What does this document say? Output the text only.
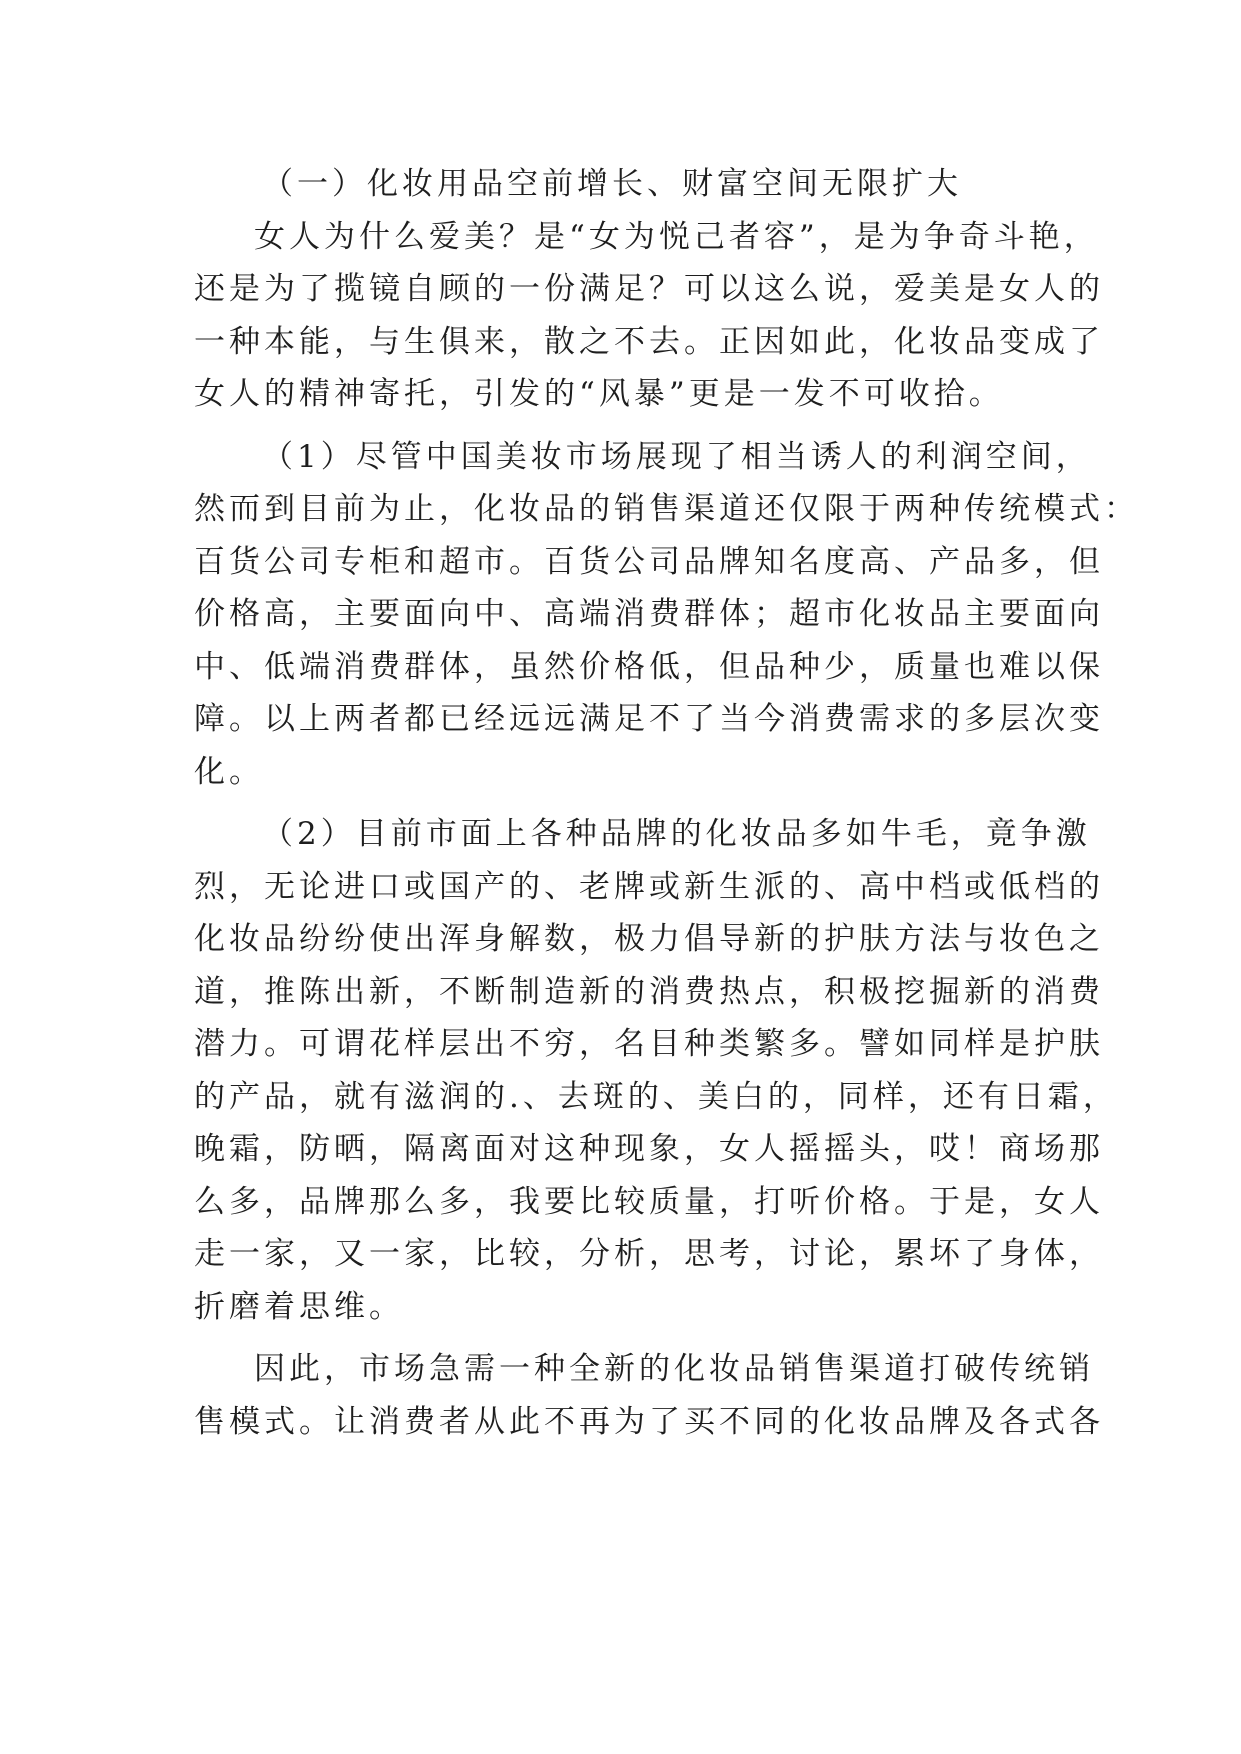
（一）化妆用品空前增长、财富空间无限扩大
女人为什么爱美？是“女为悦己者容”，是为争奇斗艳，
还是为了揽镜自顾的一份满足？可以这么说，爱美是女人的
一种本能，与生俱来，散之不去。正因如此，化妆品变成了
女人的精神寄托，引发的“风暴”更是一发不可收拾。
（1）尽管中国美妆市场展现了相当诱人的利润空间，
然而到目前为止，化妆品的销售渠道还仅限于两种传统模式：
百货公司专柜和超市。百货公司品牌知名度高、产品多，但
价格高，主要面向中、高端消费群体；超市化妆品主要面向
中、低端消费群体，虽然价格低，但品种少，质量也难以保
障。以上两者都已经远远满足不了当今消费需求的多层次变
化。
（2）目前市面上各种品牌的化妆品多如牛毛，竟争激
烈，无论进口或国产的、老牌或新生派的、高中档或低档的
化妆品纷纷使出浑身解数，极力倡导新的护肤方法与妆色之
道，推陈出新，不断制造新的消费热点，积极挖掘新的消费
潜力。可谓花样层出不穷，名目种类繁多。譬如同样是护肤
的产品，就有滋润的.、去斑的、美白的，同样，还有日霜，
晚霜，防晒，隔离面对这种现象，女人摇摇头，哎！商场那
么多，品牌那么多，我要比较质量，打听价格。于是，女人
走一家，又一家，比较，分析，思考，讨论，累坏了身体，
折磨着思维。
因此，市场急需一种全新的化妆品销售渠道打破传统销
售模式。让消费者从此不再为了买不同的化妆品牌及各式各
